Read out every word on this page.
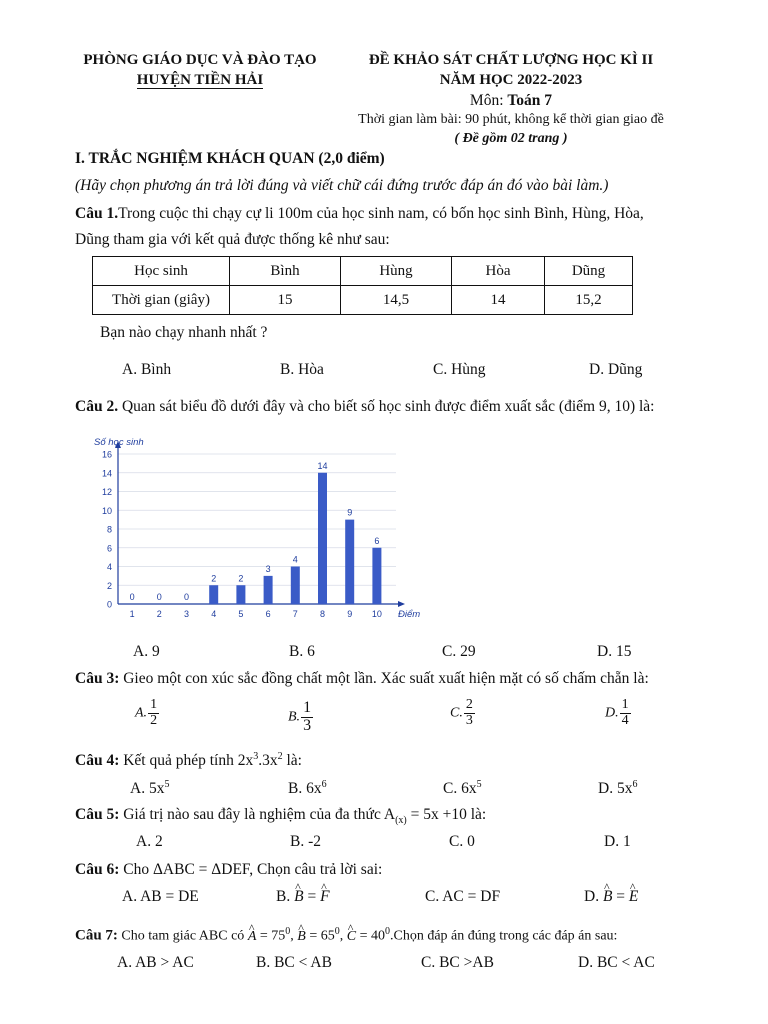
PHÒNG GIÁO DỤC VÀ ĐÀO TẠO
HUYỆN TIỀN HẢI
ĐỀ KHẢO SÁT CHẤT LƯỢNG HỌC KÌ II
NĂM HỌC 2022-2023
Môn: Toán 7
Thời gian làm bài: 90 phút, không kể thời gian giao đề
( Đề gồm 02 trang )
I. TRẮC NGHIỆM KHÁCH QUAN (2,0 điểm)
(Hãy chọn phương án trả lời đúng và viết chữ cái đứng trước đáp án đó vào bài làm.)
Câu 1.Trong cuộc thi chạy cự li 100m của học sinh nam, có bốn học sinh Bình, Hùng, Hòa,
Dũng tham gia với kết quả được thống kê như sau:
Học sinh	Bình	Hùng	Hòa	Dũng
Thời gian (giây)	15	14,5	14	15,2
Bạn nào chạy nhanh nhất ?
A. Bình	B. Hòa	C. Hùng	D. Dũng
Câu 2. Quan sát biểu đồ dưới đây và cho biết số học sinh được điểm xuất sắc (điểm 9, 10) là:
0
2
4
6
8
10
12
14
16
Số học sinh
Điểm
0
1
0
2
0
3
2
4
2
5
3
6
4
7
14
8
9
9
6
10
A. 9	B. 6	C. 29	D. 15
Câu 3: Gieo một con xúc sắc đồng chất một lần. Xác suất xuất hiện mặt có số chấm chẵn là:
A. $\frac{1}{2}$	B. $\frac{1}{3}$	C. $\frac{2}{3}$	D. $\frac{1}{4}$
Câu 4: Kết quả phép tính $2x^3.3x^2$ là:
A. $5x^5$	B. $6x^6$	C. $6x^5$	D. $5x^6$
Câu 5: Giá trị nào sau đây là nghiệm của đa thức $A_{(x)} = 5x +10$ là:
A. 2	B. -2	C. 0	D. 1
Câu 6: Cho ΔABC = ΔDEF, Chọn câu trả lời sai:
A. AB = DE	B. ^ B = ^ F	C. AC = DF	D. ^ B = ^ E
Câu 7: Cho tam giác ABC có ^ $A = 75^0$, ^ $B = 65^0$, ^ $C = 40^0.Chọn$ đáp án đúng trong các đáp án sau:
A. AB > AC	B. BC < AB	C. BC >AB	D. BC < AC
